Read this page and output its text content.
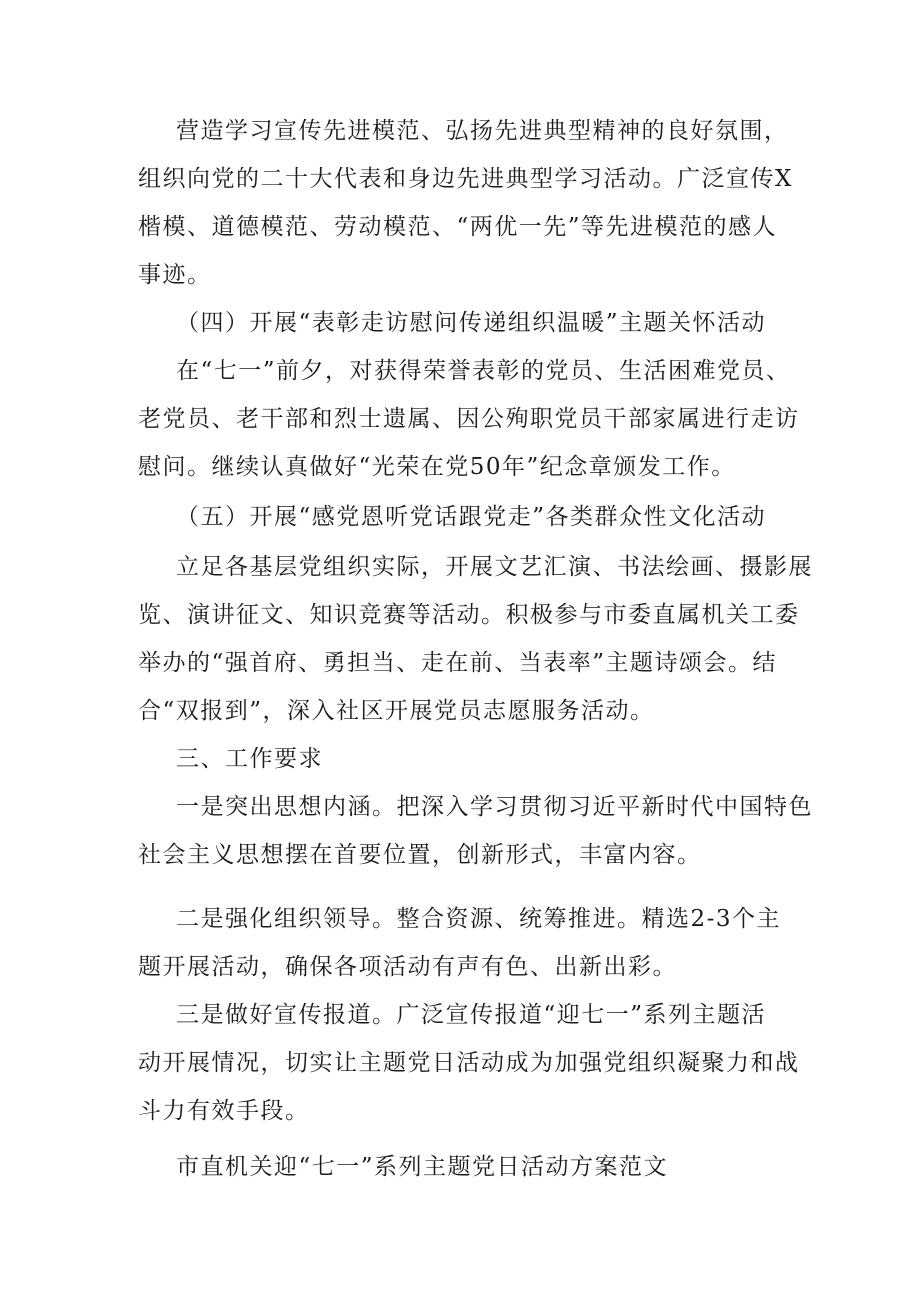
营造学习宣传先进模范、弘扬先进典型精神的良好氛围，
组织向党的二十大代表和身边先进典型学习活动。广泛宣传X
楷模、道德模范、劳动模范、“两优一先”等先进模范的感人
事迹。
（四）开展“表彰走访慰问传递组织温暖”主题关怀活动
在“七一”前夕，对获得荣誉表彰的党员、生活困难党员、
老党员、老干部和烈士遗属、因公殉职党员干部家属进行走访
慰问。继续认真做好“光荣在党50年”纪念章颁发工作。
（五）开展“感党恩听党话跟党走”各类群众性文化活动
立足各基层党组织实际，开展文艺汇演、书法绘画、摄影展
览、演讲征文、知识竞赛等活动。积极参与市委直属机关工委
举办的“强首府、勇担当、走在前、当表率”主题诗颂会。结
合“双报到”，深入社区开展党员志愿服务活动。
三、工作要求
一是突出思想内涵。把深入学习贯彻习近平新时代中国特色
社会主义思想摆在首要位置，创新形式，丰富内容。
二是强化组织领导。整合资源、统筹推进。精选2-3个主
题开展活动，确保各项活动有声有色、出新出彩。
三是做好宣传报道。广泛宣传报道“迎七一”系列主题活
动开展情况，切实让主题党日活动成为加强党组织凝聚力和战
斗力有效手段。
市直机关迎“七一”系列主题党日活动方案范文
